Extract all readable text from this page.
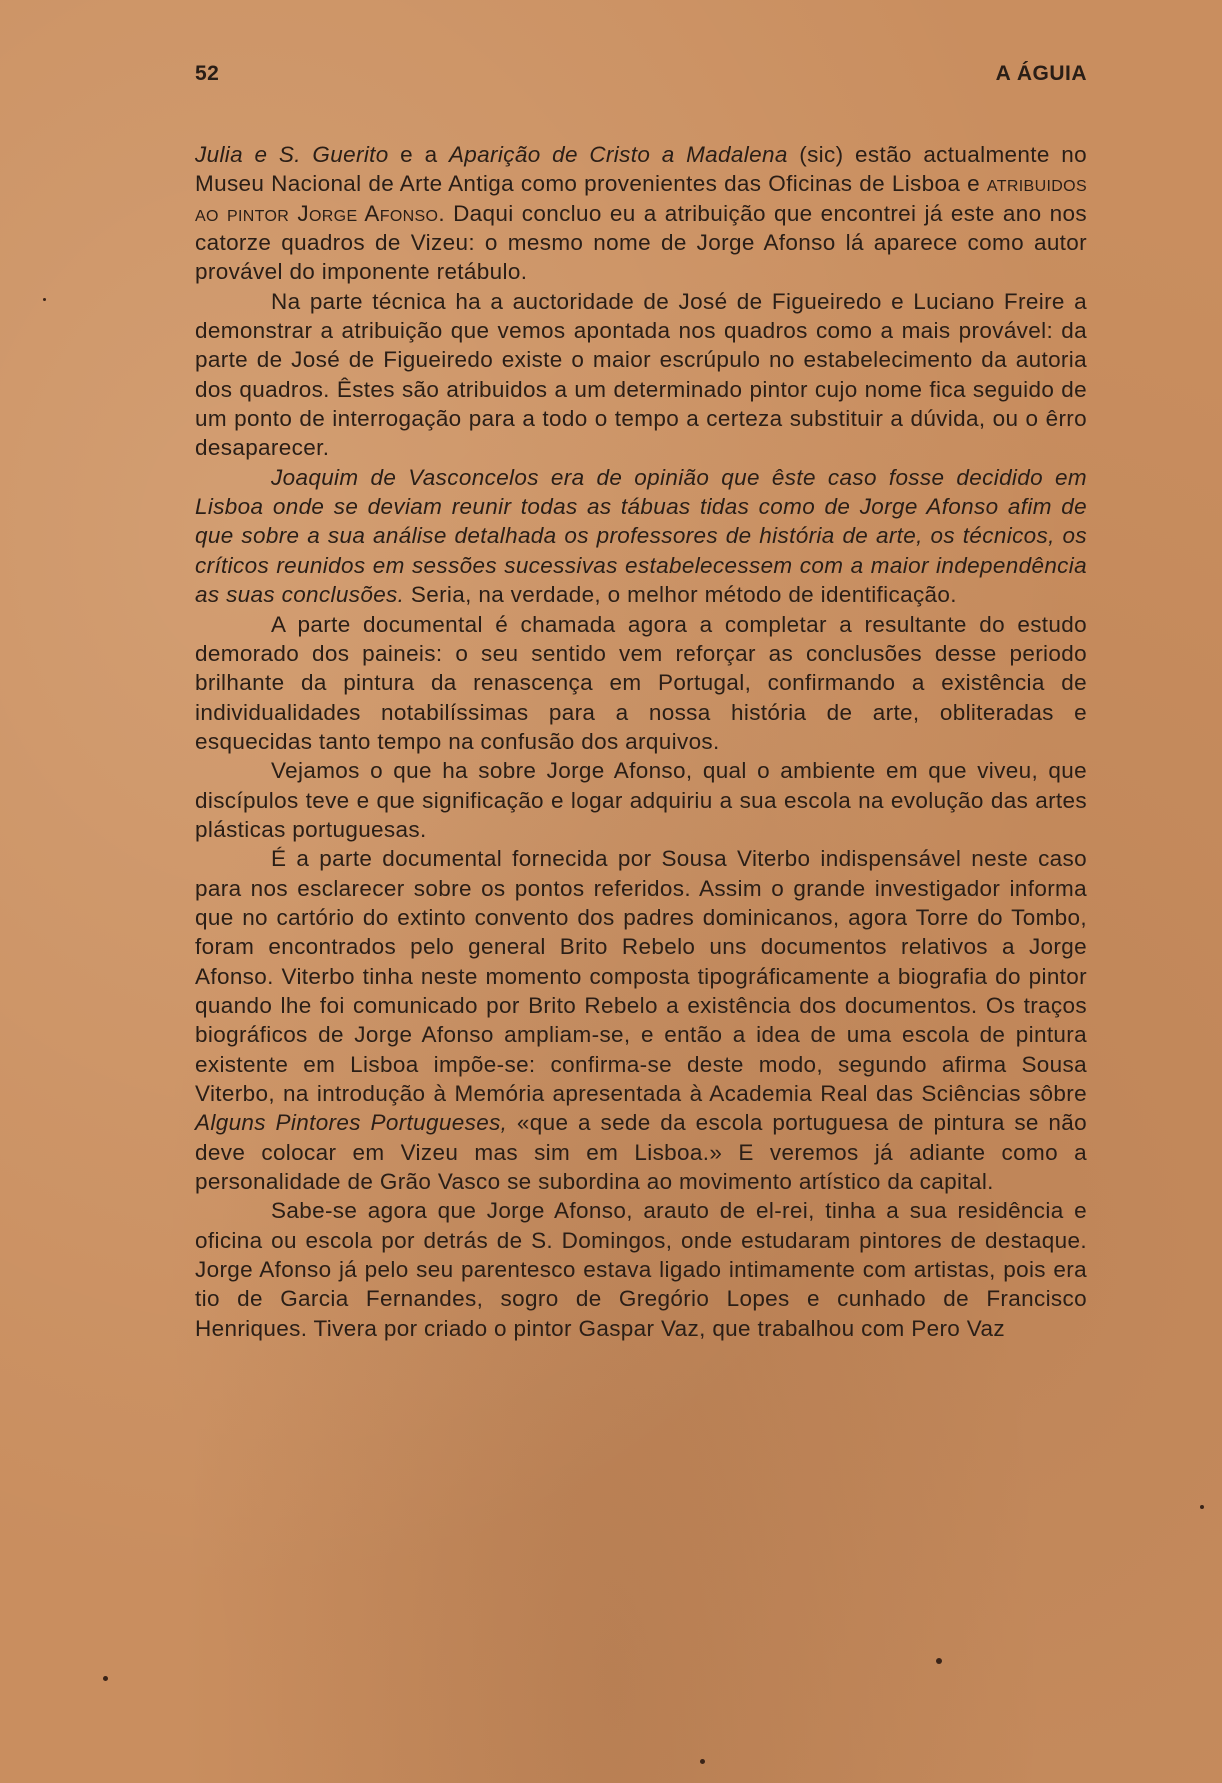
52	A ÁGUIA

Julia e S. Guerito e a Aparição de Cristo a Madalena (sic) estão actualmente no Museu Nacional de Arte Antiga como provenientes das Oficinas de Lisboa e atribuidos ao pintor Jorge Afonso. Daqui concluo eu a atribuição que encontrei já este ano nos catorze quadros de Vizeu: o mesmo nome de Jorge Afonso lá aparece como autor provável do imponente retábulo.

Na parte técnica ha a auctoridade de José de Figueiredo e Luciano Freire a demonstrar a atribuição que vemos apontada nos quadros como a mais provável: da parte de José de Figueiredo existe o maior escrúpulo no estabelecimento da autoria dos quadros. Êstes são atribuidos a um determinado pintor cujo nome fica seguido de um ponto de interrogação para a todo o tempo a certeza substituir a dúvida, ou o êrro desaparecer.

Joaquim de Vasconcelos era de opinião que êste caso fosse decidido em Lisboa onde se deviam reunir todas as tábuas tidas como de Jorge Afonso afim de que sobre a sua análise detalhada os professores de história de arte, os técnicos, os críticos reunidos em sessões sucessivas estabelecessem com a maior independência as suas conclusões. Seria, na verdade, o melhor método de identificação.

A parte documental é chamada agora a completar a resultante do estudo demorado dos paineis: o seu sentido vem reforçar as conclusões desse periodo brilhante da pintura da renascença em Portugal, confirmando a existência de individualidades notabilíssimas para a nossa história de arte, obliteradas e esquecidas tanto tempo na confusão dos arquivos.

Vejamos o que ha sobre Jorge Afonso, qual o ambiente em que viveu, que discípulos teve e que significação e logar adquiriu a sua escola na evolução das artes plásticas portuguesas.

É a parte documental fornecida por Sousa Viterbo indispensável neste caso para nos esclarecer sobre os pontos referidos. Assim o grande investigador informa que no cartório do extinto convento dos padres dominicanos, agora Torre do Tombo, foram encontrados pelo general Brito Rebelo uns documentos relativos a Jorge Afonso. Viterbo tinha neste momento composta tipográficamente a biografia do pintor quando lhe foi comunicado por Brito Rebelo a existência dos documentos. Os traços biográficos de Jorge Afonso ampliam-se, e então a idea de uma escola de pintura existente em Lisboa impõe-se: confirma-se deste modo, segundo afirma Sousa Viterbo, na introdução à Memória apresentada à Academia Real das Sciências sôbre Alguns Pintores Portugueses, «que a sede da escola portuguesa de pintura se não deve colocar em Vizeu mas sim em Lisboa.» E veremos já adiante como a personalidade de Grão Vasco se subordina ao movimento artístico da capital.

Sabe-se agora que Jorge Afonso, arauto de el-rei, tinha a sua residência e oficina ou escola por detrás de S. Domingos, onde estudaram pintores de destaque. Jorge Afonso já pelo seu parentesco estava ligado intimamente com artistas, pois era tio de Garcia Fernandes, sogro de Gregório Lopes e cunhado de Francisco Henriques. Tivera por criado o pintor Gaspar Vaz, que trabalhou com Pero Vaz
